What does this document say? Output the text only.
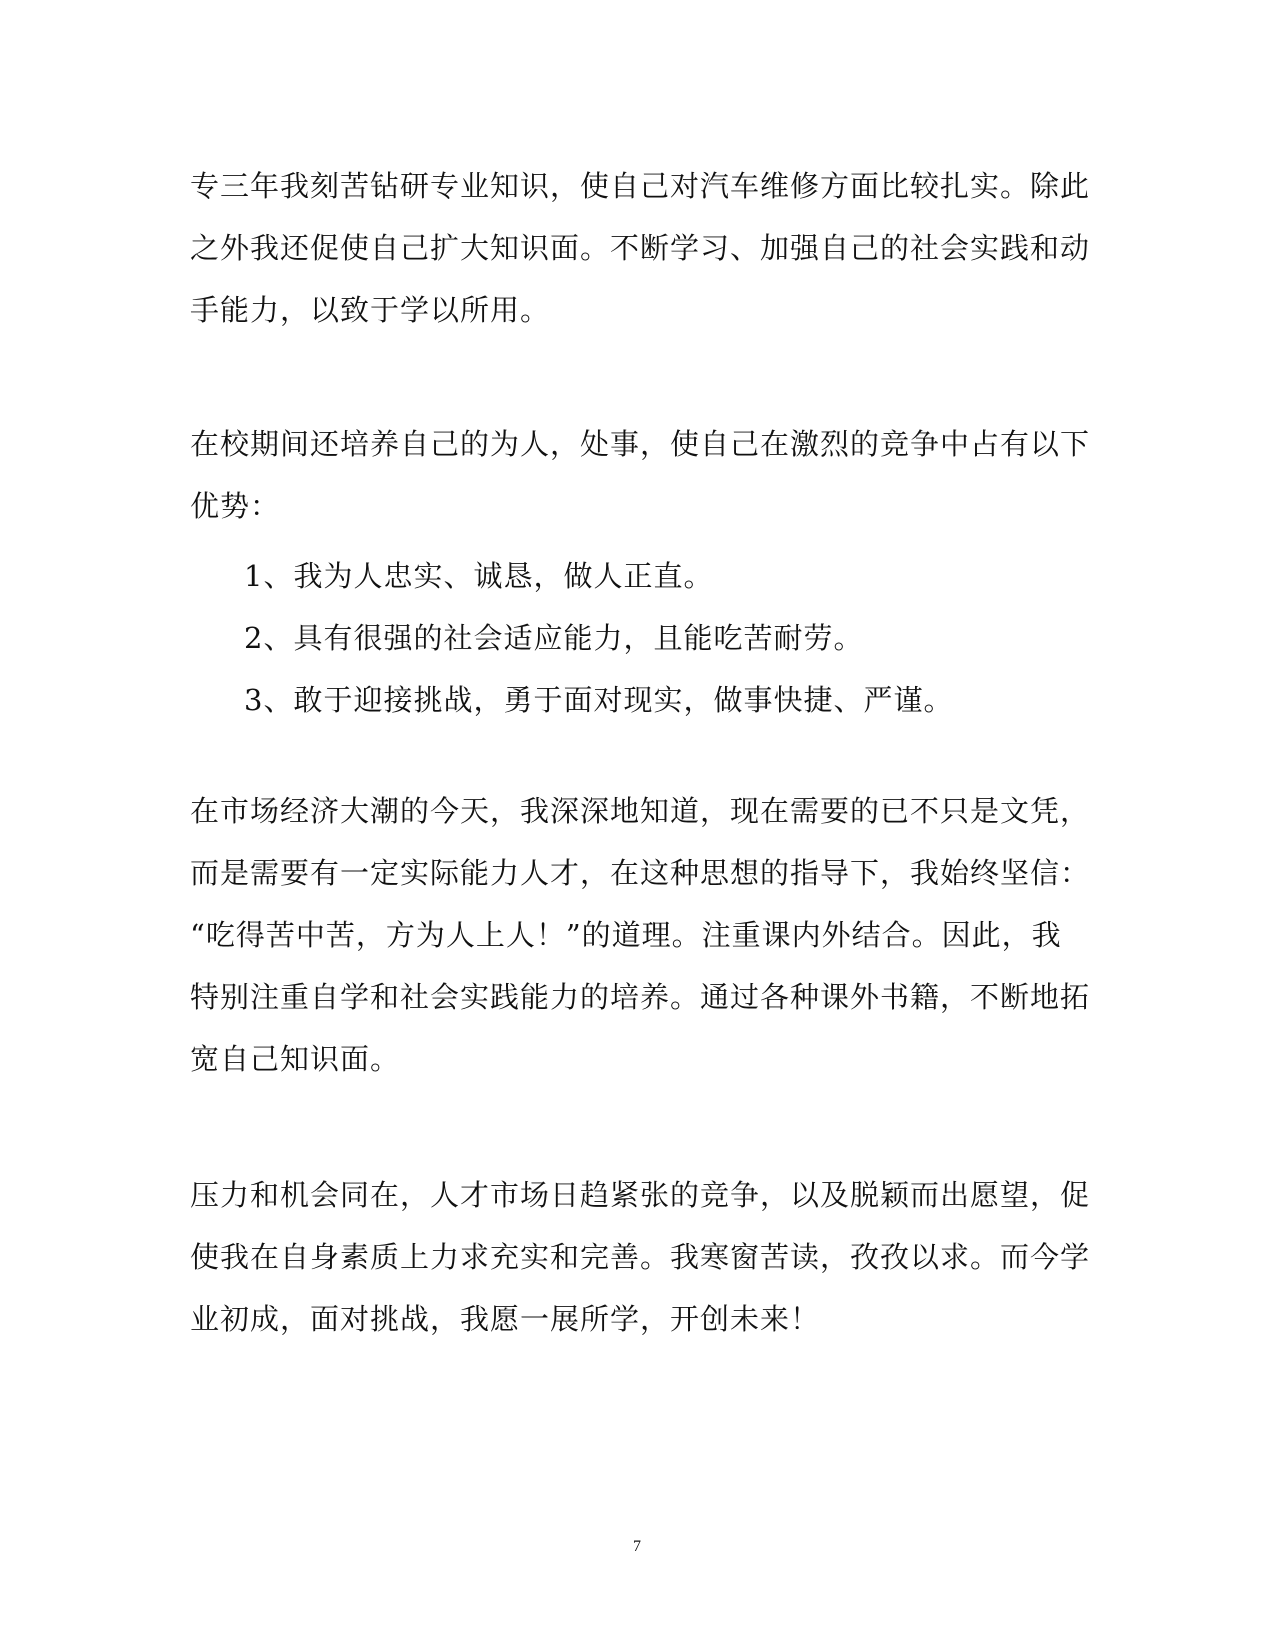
专三年我刻苦钻研专业知识，使自己对汽车维修方面比较扎实。除此
之外我还促使自己扩大知识面。不断学习、加强自己的社会实践和动
手能力，以致于学以所用。
在校期间还培养自己的为人，处事，使自己在激烈的竞争中占有以下
优势：
1、我为人忠实、诚恳，做人正直。
2、具有很强的社会适应能力，且能吃苦耐劳。
3、敢于迎接挑战，勇于面对现实，做事快捷、严谨。
在市场经济大潮的今天，我深深地知道，现在需要的已不只是文凭，
而是需要有一定实际能力人才，在这种思想的指导下，我始终坚信：
“吃得苦中苦，方为人上人！”的道理。注重课内外结合。因此，我
特别注重自学和社会实践能力的培养。通过各种课外书籍，不断地拓
宽自己知识面。
压力和机会同在，人才市场日趋紧张的竞争，以及脱颖而出愿望，促
使我在自身素质上力求充实和完善。我寒窗苦读，孜孜以求。而今学
业初成，面对挑战，我愿一展所学，开创未来！
7
